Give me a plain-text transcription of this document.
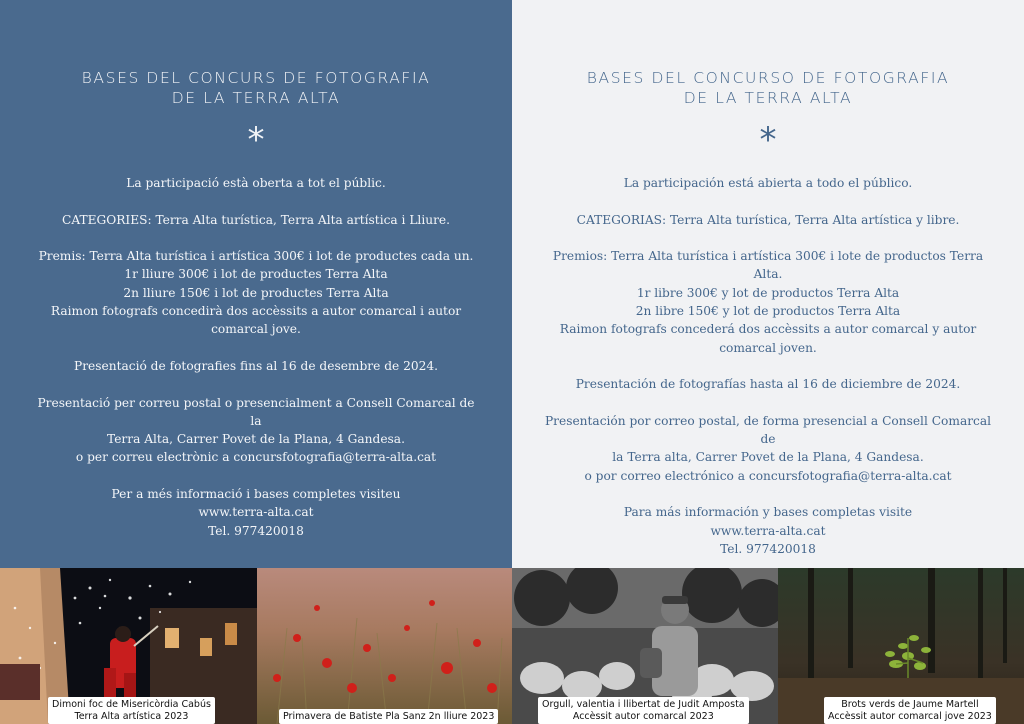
BASES DEL CONCURS DE FOTOGRAFIA
DE LA TERRA ALTA
*

La participació està oberta a tot el públic.

CATEGORIES: Terra Alta turística, Terra Alta artística i Lliure.

Premis: Terra Alta turística i artística 300€ i lot de productes cada un.

1r lliure 300€ i lot de productes Terra Alta

2n lliure 150€ i lot de productes Terra Alta

Raimon fotografs concedirà dos accèssits a autor comarcal i autor

comarcal jove.

Presentació de fotografies fins al 16 de desembre de 2024.

Presentació per correu postal o presencialment a Consell Comarcal de la

Terra Alta, Carrer Povet de la Plana, 4 Gandesa.

o per correu electrònic a concursfotografia@terra-alta.cat

Per a més informació i bases completes visiteu

www.terra-alta.cat

Tel. 977420018

BASES DEL CONCURSO DE FOTOGRAFIA
DE LA TERRA ALTA
*

La participación está abierta a todo el público.

CATEGORIAS: Terra Alta turística, Terra Alta artística y libre.

Premios: Terra Alta turística i artística 300€ i lote de productos Terra Alta.

1r libre 300€ y lot de productos Terra Alta

2n libre 150€ y lot de productos Terra Alta

Raimon fotografs concederá dos accèssits a autor comarcal y autor

comarcal joven.

Presentación de fotografías hasta al 16 de diciembre de 2024.

Presentación por correo postal, de forma presencial a Consell Comarcal de

la Terra alta, Carrer Povet de la Plana, 4 Gandesa.

o por correo electrónico a concursfotografia@terra-alta.cat

Para más información y bases completas visite

www.terra-alta.cat

Tel. 977420018

Dimoni foc de Misericòrdia Cabús
Terra Alta artística 2023	Primavera de Batiste Pla Sanz 2n lliure 2023
Orgull, valentia i llibertat de Judit Amposta
Accèssit autor comarcal 2023
Brots verds de Jaume Martell
Accèssit autor comarcal jove 2023
